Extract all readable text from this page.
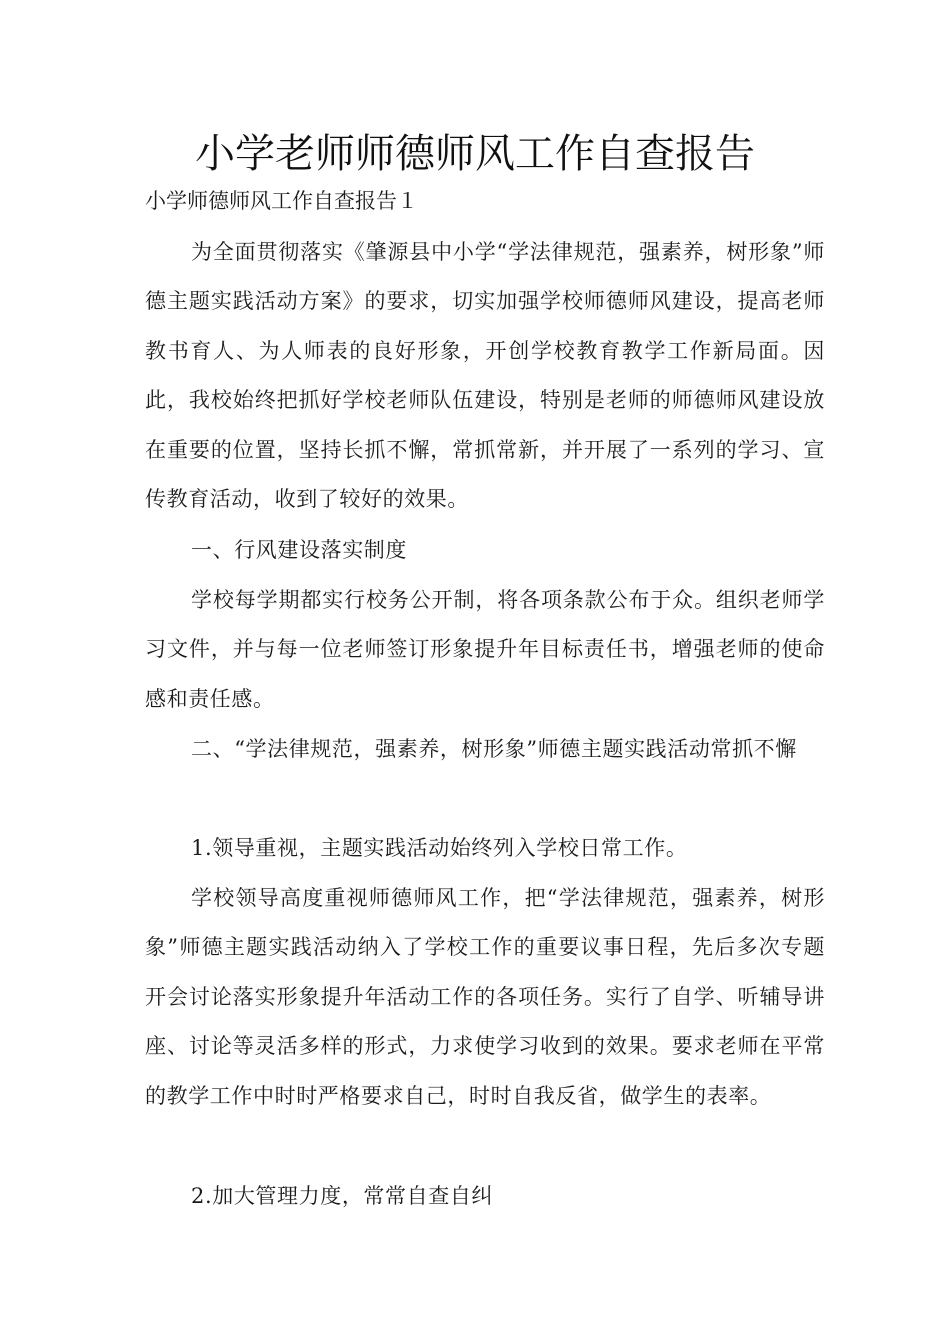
小学老师师德师风工作自查报告

小学师德师风工作自查报告１

为全面贯彻落实《肇源县中小学“学法律规范，强素养，树形象”师德主题实践活动方案》的要求，切实加强学校师德师风建设，提高老师教书育人、为人师表的良好形象，开创学校教育教学工作新局面。因此，我校始终把抓好学校老师队伍建设，特别是老师的师德师风建设放在重要的位置，坚持长抓不懈，常抓常新，并开展了一系列的学习、宣传教育活动，收到了较好的效果。

一、行风建设落实制度

学校每学期都实行校务公开制，将各项条款公布于众。组织老师学习文件，并与每一位老师签订形象提升年目标责任书，增强老师的使命感和责任感。

二、“学法律规范，强素养，树形象”师德主题实践活动常抓不懈

1.领导重视，主题实践活动始终列入学校日常工作。

学校领导高度重视师德师风工作，把“学法律规范，强素养，树形象”师德主题实践活动纳入了学校工作的重要议事日程，先后多次专题开会讨论落实形象提升年活动工作的各项任务。实行了自学、听辅导讲座、讨论等灵活多样的形式，力求使学习收到的效果。要求老师在平常的教学工作中时时严格要求自己，时时自我反省，做学生的表率。

2.加大管理力度，常常自查自纠
